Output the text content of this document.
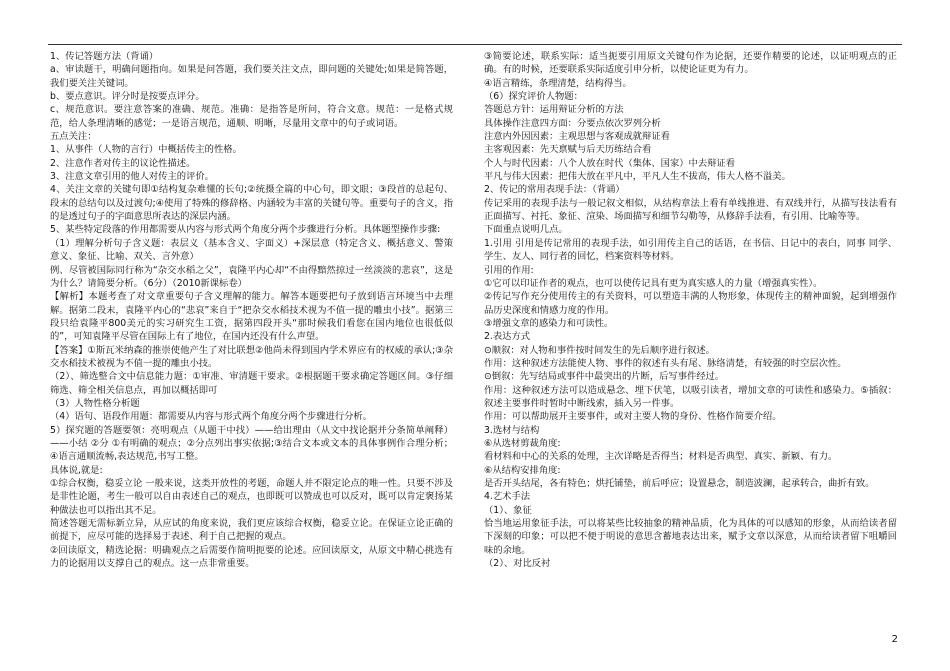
1、传记答题方法（背诵）

a、审读题干，明确问题指向。如果是问答题，我们要关注文点，即问题的关键处;如果是简答题，我们要关注关键词。

b、要点意识。评分时是按要点评分。

c、规范意识。要注意答案的准确、规范。准确：是指答是所问，符合文意。规范：一是格式规范，给人条理清晰的感觉；一是语言规范，通顺、明晰，尽量用文章中的句子或词语。

五点关注：

1、从事件（人物的言行）中概括传主的性格。

2、注意作者对传主的议论性描述。

3、注意文章引用的他人对传主的评价。

4、关注文章的关键句即①结构复杂难懂的长句;②统摄全篇的中心句，即文眼；③段首的总起句、段末的总结句以及过渡句;④使用了特殊的修辞格、内涵较为丰富的关键句等。重要句子的含义，指的是透过句子的字面意思所表达的深层内涵。

5、某些特定段落的作用都需要从内容与形式两个角度分两个步骤进行分析。具体题型操作步骤:

（1）理解分析句子含义题：表层义（基本含义、字面义）+深层意（特定含义、概括意义、警策意义、象征、比喻、双关、言外意）

例、尽管被国际同行称为“杂交水稻之父”，袁隆平内心却“不由得黯然掠过一丝淡淡的悲哀”，这是为什么？请简要分析。（6分）（2010新课标卷）

【解析】本题考查了对文章重要句子含义理解的能力。解答本题要把句子放到语言环境当中去理解。据第二段末，袁隆平内心的“悲哀”来自于“把杂交水稻技术视为不值一提的雕虫小技”。据第三段只给袁隆平800美元的实习研究生工资，据第四段开头“那时候我们看您在国内地位也很低似的”，可知袁隆平尽管在国际上有了地位，在国内还没有什么声望。

【答案】①斯瓦米纳森的推崇使他产生了对比联想②他尚未得到国内学术界应有的权威的承认;③杂交水稻技术被视为不值一提的雕虫小技。

（2）、筛选整合文中信息能力题：①审准、审清题干要求。②根据题干要求确定答题区间。③仔细筛选、筛全相关信息点，再加以概括即可

（3）人物性格分析题

（4）语句、语段作用题：都需要从内容与形式两个角度分两个步骤进行分析。

5）探究题的答题要领：亮明观点（从题干中找）——给出理由（从文中找论据并分条简单阐释）——小结 ②分 ①有明确的观点；②分点列出事实依据;③结合文本或文本的具体事例作合理分析；④语言通顺流畅,表达规范,书写工整。

具体说,就是:

①综合权衡，稳妥立论 一般来说，这类开放性的考题，命题人并不限定论点的唯一性。只要不涉及是非性论题，考生一般可以自由表述自己的观点，也即既可以赞成也可以反对，既可以肯定褒扬某种做法也可以指出其不足。

简述答题无需标新立异，从应试的角度来说，我们更应该综合权衡，稳妥立论。在保证立论正确的前提下，应尽可能的选择易于表述、利于自己把握的观点。

②回读原文，精选论据：明确观点之后需要作简明扼要的论述。应回读原文，从原文中精心挑选有力的论据用以支撑自己的观点。这一点非常重要。

③简要论述，联系实际：适当扼要引用原文关键句作为论据，还要作精要的论述，以证明观点的正确。有的时候，还要联系实际适度引申分析，以使论证更为有力。

④语言精练，条理清楚，结构得当。

（6）探究评价人物题：

答题总方针：运用辩证分析的方法

具体操作注意四方面：分要点依次罗列分析

注意内外因因素：主观思想与客观成就辩证看

主客观因素：先天禀赋与后天历练结合看

个人与时代因素：八个人放在时代（集体、国家）中去辩证看

平凡与伟大因素：把伟大放在平凡中，平凡人生不拔高，伟大人格不溢美。

2、传记的常用表现手法：（背诵）

传记采用的表现手法与一般记叙文相似，从结构章法上看有单线推进、有双线并行，从描写技法看有正面描写、衬托、象征、渲染、场面描写和细节勾勒等，从修辞手法看，有引用、比喻等等。

下面重点说明几点。

1.引用 引用是传记常用的表现手法，如引用传主自己的话语，在书信、日记中的表白，同事 同学、学生、友人、同行者的回忆，档案资料等材料。

引用的作用:

①它可以印证作者的观点，也可以使传记具有更为真实感人的力量（增强真实性）。

②传记写作充分使用传主的有关资料，可以塑造丰满的人物形象，体现传主的精神面貌，起到增强作品历史深度和情感力度的作用。

③增强文章的感染力和可读性。

2.表达方式

⊙顺叙：对人物和事件按时间发生的先后顺序进行叙述。

作用：这种叙述方法能使人物、事件的叙述有头有尾、脉络清楚，有较强的时空层次性。

⊙倒叙：先写结局或事件中最突出的片断，后写事件经过。

作用：这种叙述方法可以造成悬念、埋下伏笔，以吸引读者，增加文章的可读性和感染力。⑤插叙：叙述主要事件时暂时中断线索，插入另一件事。

作用：可以帮助展开主要事件，或对主要人物的身份、性格作简要介绍。

3.选材与结构

⑥从选材剪裁角度:

看材料和中心的关系的处理，主次详略是否得当；材料是否典型、真实、新颖、有力。

⑥从结构安排角度:

是否开头结尾，各有特色；烘托铺垫，前后呼应；设置悬念，制造波澜，起承转合，曲折有致。

4.艺术手法

（1）、象征

恰当地运用象征手法，可以将某些比较抽象的精神品质，化为具体的可以感知的形象，从而给读者留下深刻的印象；可以把不便于明说的意思含蓄地表达出来，赋予文章以深意，从而给读者留下咀嚼回味的余地。

（2）、对比反衬

2
